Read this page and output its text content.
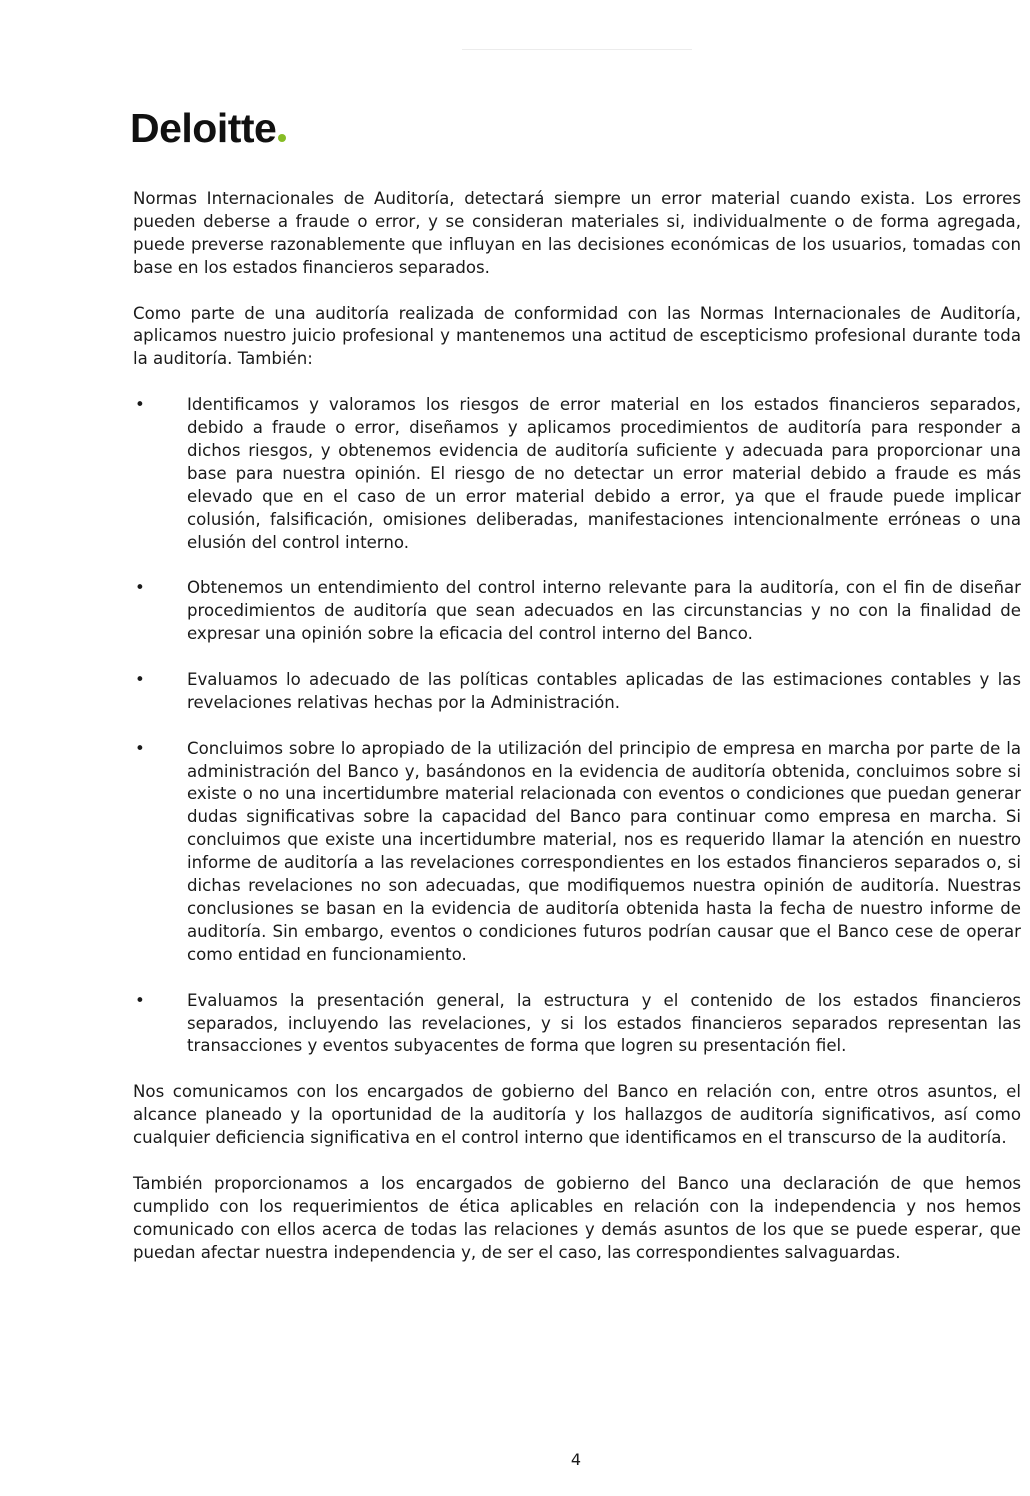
Deloitte

Normas Internacionales de Auditoría, detectará siempre un error material cuando exista. Los errores pueden deberse a fraude o error, y se consideran materiales si, individualmente o de forma agregada, puede preverse razonablemente que influyan en las decisiones económicas de los usuarios, tomadas con base en los estados financieros separados.

Como parte de una auditoría realizada de conformidad con las Normas Internacionales de Auditoría, aplicamos nuestro juicio profesional y mantenemos una actitud de escepticismo profesional durante toda la auditoría. También:

•	Identificamos y valoramos los riesgos de error material en los estados financieros separados, debido a fraude o error, diseñamos y aplicamos procedimientos de auditoría para responder a dichos riesgos, y obtenemos evidencia de auditoría suficiente y adecuada para proporcionar una base para nuestra opinión. El riesgo de no detectar un error material debido a fraude es más elevado que en el caso de un error material debido a error, ya que el fraude puede implicar colusión, falsificación, omisiones deliberadas, manifestaciones intencionalmente erróneas o una elusión del control interno.
•	Obtenemos un entendimiento del control interno relevante para la auditoría, con el fin de diseñar procedimientos de auditoría que sean adecuados en las circunstancias y no con la finalidad de expresar una opinión sobre la eficacia del control interno del Banco.
•	Evaluamos lo adecuado de las políticas contables aplicadas de las estimaciones contables y las revelaciones relativas hechas por la Administración.
•	Concluimos sobre lo apropiado de la utilización del principio de empresa en marcha por parte de la administración del Banco y, basándonos en la evidencia de auditoría obtenida, concluimos sobre si existe o no una incertidumbre material relacionada con eventos o condiciones que puedan generar dudas significativas sobre la capacidad del Banco para continuar como empresa en marcha. Si concluimos que existe una incertidumbre material, nos es requerido llamar la atención en nuestro informe de auditoría a las revelaciones correspondientes en los estados financieros separados o, si dichas revelaciones no son adecuadas, que modifiquemos nuestra opinión de auditoría. Nuestras conclusiones se basan en la evidencia de auditoría obtenida hasta la fecha de nuestro informe de auditoría. Sin embargo, eventos o condiciones futuros podrían causar que el Banco cese de operar como entidad en funcionamiento.
•	Evaluamos la presentación general, la estructura y el contenido de los estados financieros separados, incluyendo las revelaciones, y si los estados financieros separados representan las transacciones y eventos subyacentes de forma que logren su presentación fiel.

Nos comunicamos con los encargados de gobierno del Banco en relación con, entre otros asuntos, el alcance planeado y la oportunidad de la auditoría y los hallazgos de auditoría significativos, así como cualquier deficiencia significativa en el control interno que identificamos en el transcurso de la auditoría.

También proporcionamos a los encargados de gobierno del Banco una declaración de que hemos cumplido con los requerimientos de ética aplicables en relación con la independencia y nos hemos comunicado con ellos acerca de todas las relaciones y demás asuntos de los que se puede esperar, que puedan afectar nuestra independencia y, de ser el caso, las correspondientes salvaguardas.

4
